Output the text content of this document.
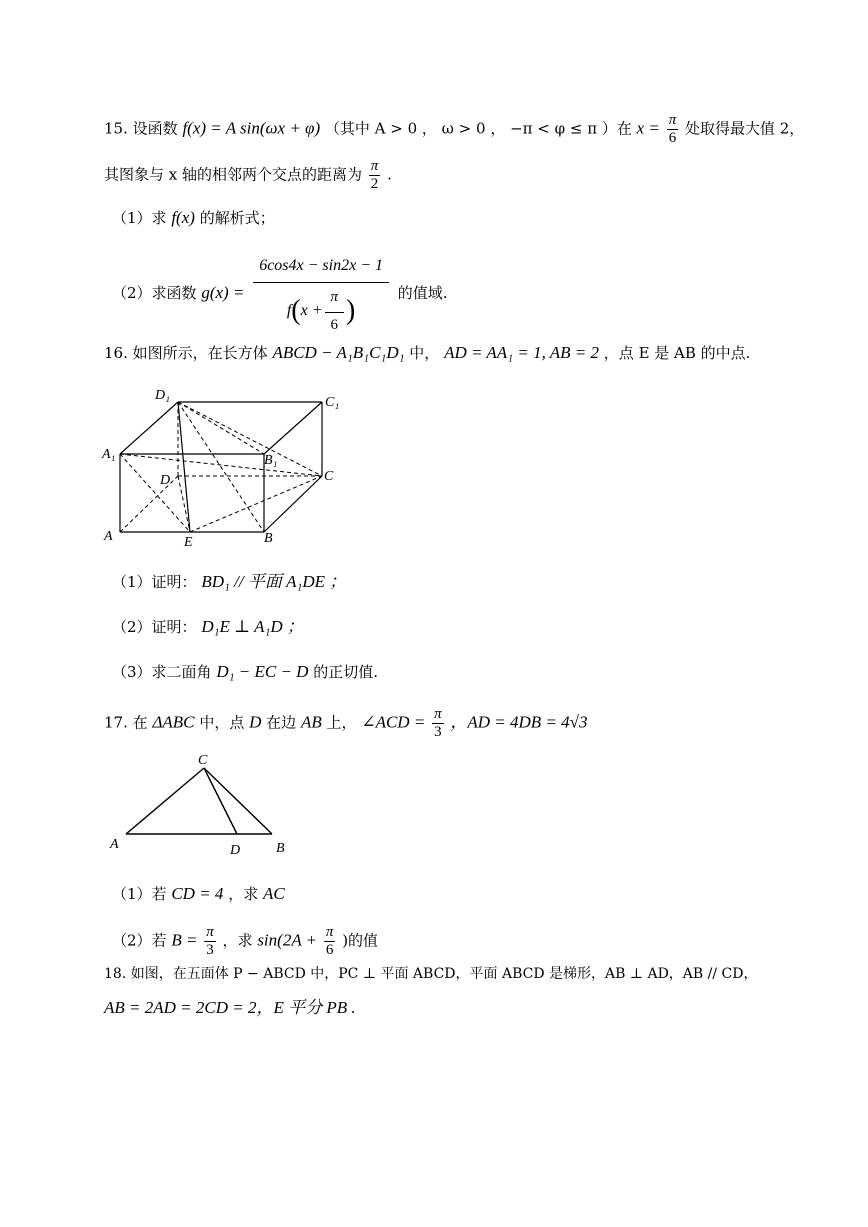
15. 设函数 f(x) = A sin(ωx + φ) （其中 A > 0 ， ω > 0 ， −π < φ ≤ π ）在 $x = \frac{\pi}{6}$ 处取得最大值 2，
其图象与 x 轴的相邻两个交点的距离为 $\frac{\pi}{2}$ .
（1）求 f(x) 的解析式；
（2）求函数 $g(x) = \frac{6\cos 4x - \sin 2x - 1}{f ( x + \frac{\pi}{6} )}$ 的值域.
16. 如图所示，在长方体 ABCD − A₁B₁C₁D₁ 中， AD = AA₁ = 1, AB = 2 ，点 E 是 AB 的中点.
D₁	C₁
A₁	B₁
D	C
A	E	B
（1）证明： BD₁ // 平面 A₁DE ；
（2）证明： D₁E ⊥ A₁D ；
（3）求二面角 D₁ − EC − D 的正切值.
17. 在 ΔABC 中，点 D 在边 AB 上， ∠ACD = $\frac{\pi}{3}$ ，AD = 4DB = 4√3
C
A	D	B
（1）若 CD = 4 ，求 AC
（2）若 $B = \frac{\pi}{3}$ ，求 $\sin(2A + \frac{\pi}{6}$ )的值
18. 如图，在五面体 P − ABCD 中，PC ⊥ 平面 ABCD，平面 ABCD 是梯形，AB ⊥ AD，AB // CD，
AB = 2AD = 2CD = 2，E 平分 PB .
